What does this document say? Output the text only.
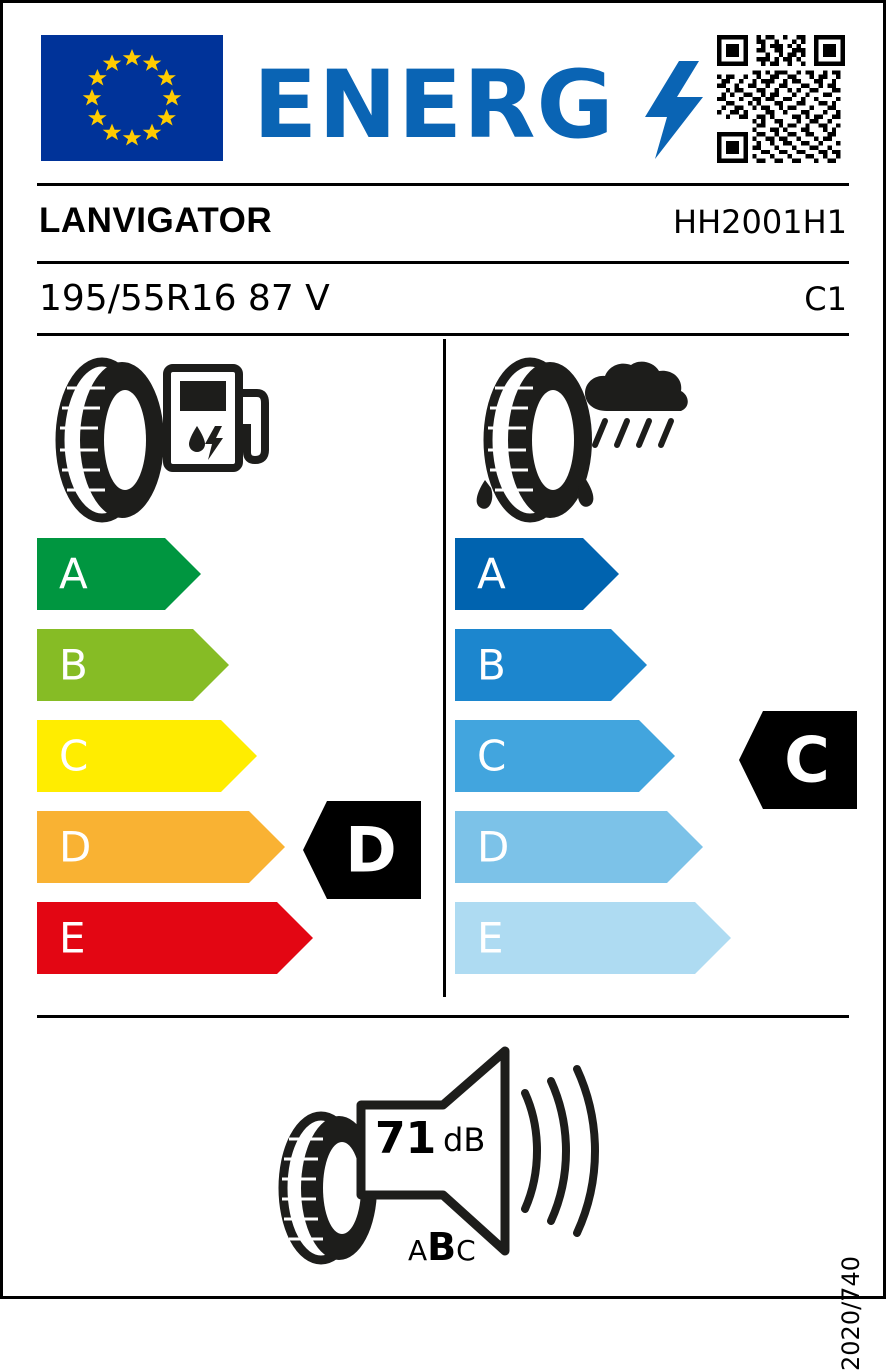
ENERG
LANVIGATOR	HH2001H1
195/55R16 87 V	C1
A
B
C
D
E
D
A
B
C
D
E
C
71 dB
ABC
2020/740
